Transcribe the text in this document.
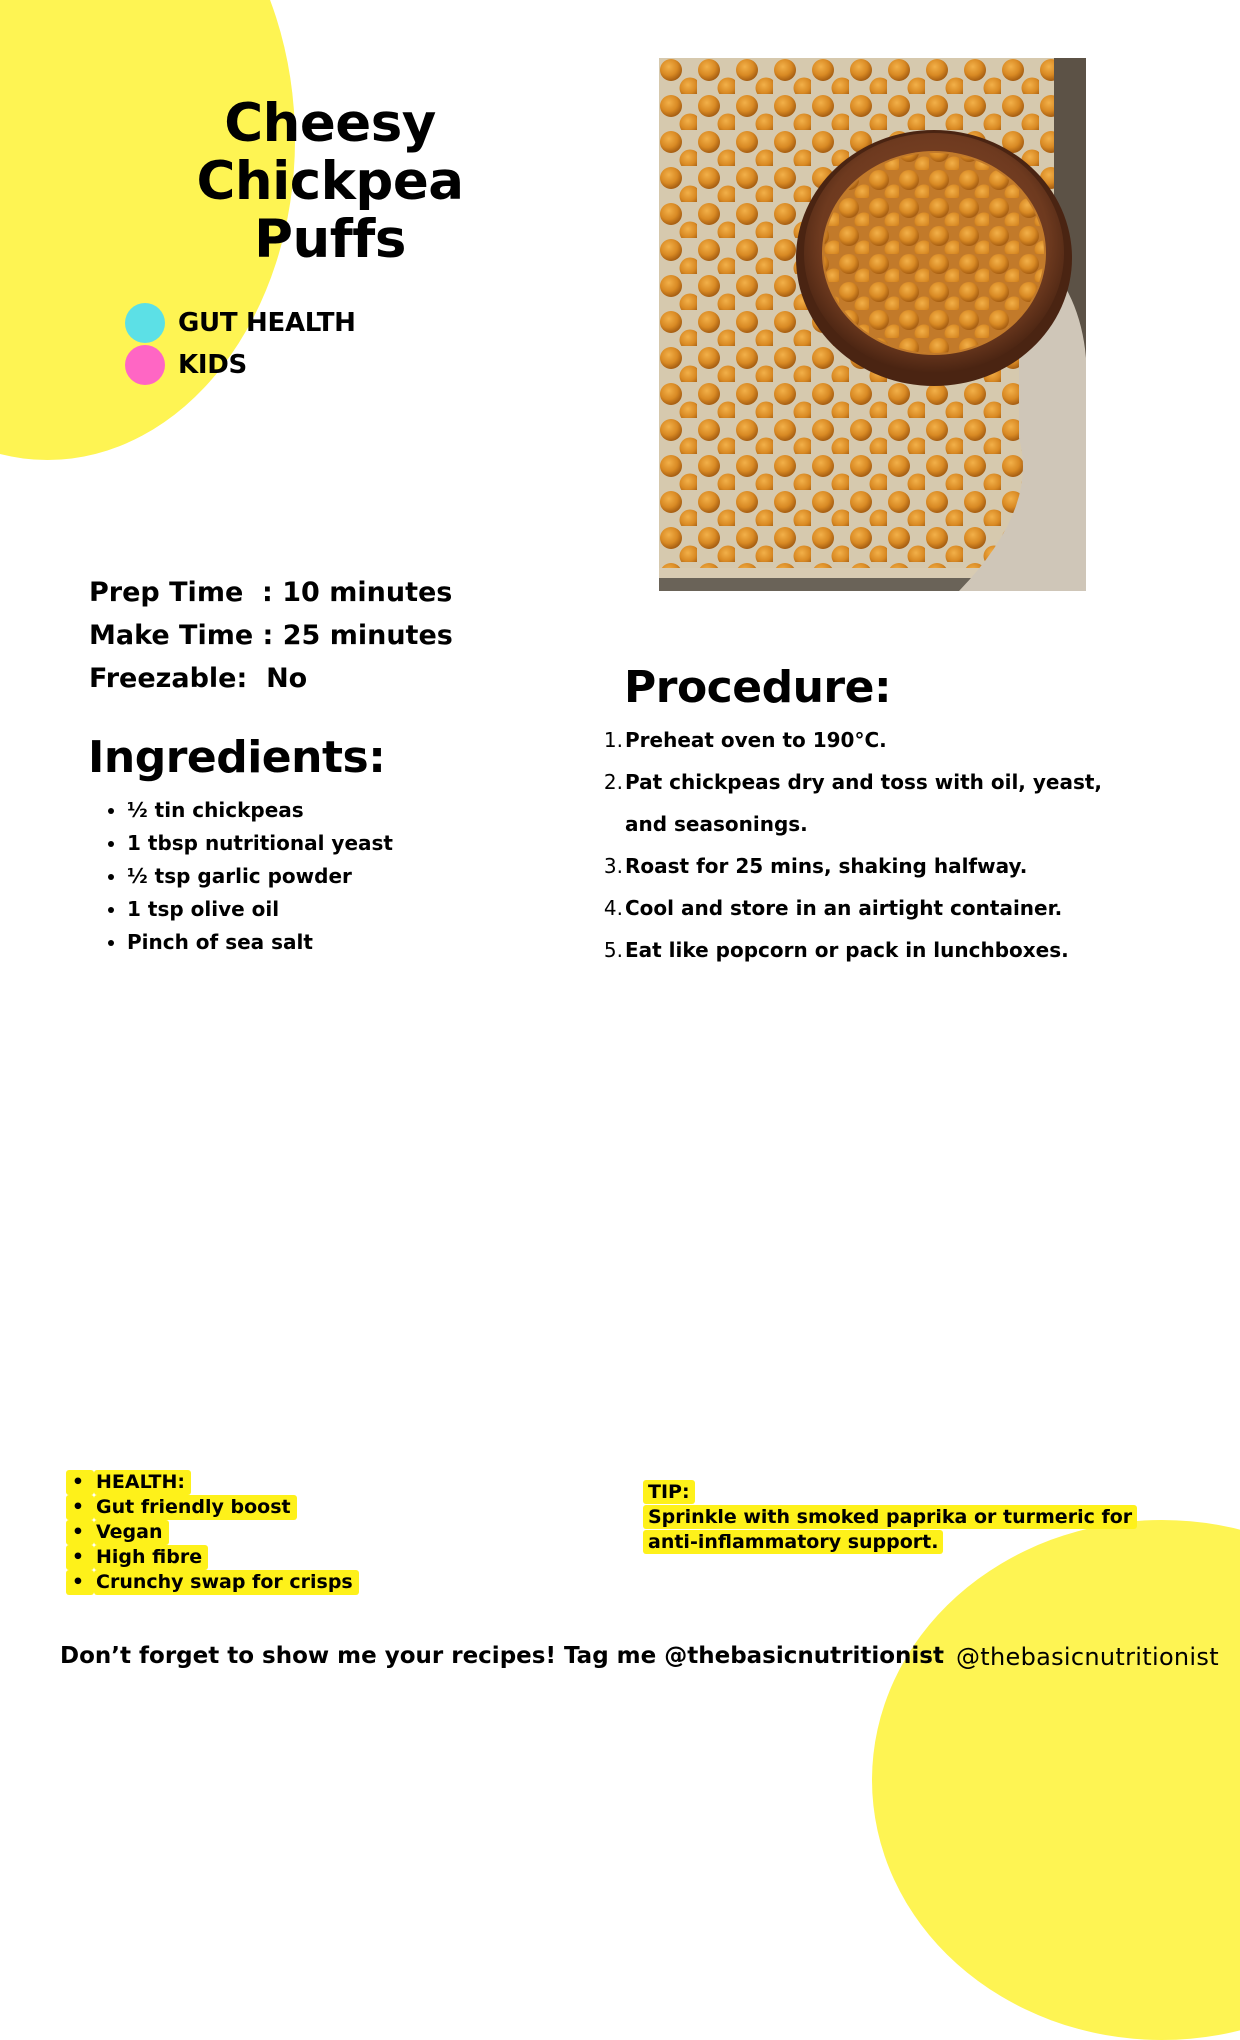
Cheesy Chickpea
Puffs
GUT HEALTH
KIDS
Prep Time  : 10 minutes
Make Time : 25 minutes
Freezable:  No
Ingredients:
• ½ tin chickpeas
• 1 tbsp nutritional yeast
• ½ tsp garlic powder
• 1 tsp olive oil
• Pinch of sea salt
Procedure:
1. Preheat oven to 190°C.
2. Pat chickpeas dry and toss with oil, yeast, and seasonings.
3. Roast for 25 mins, shaking halfway.
4. Cool and store in an airtight container.
5. Eat like popcorn or pack in lunchboxes.
• HEALTH:
• Gut friendly boost
• Vegan
• High fibre
• Crunchy swap for crisps
TIP:
Sprinkle with smoked paprika or turmeric for anti-inflammatory support.
Don’t forget to show me your recipes! Tag me @thebasicnutritionist @thebasicnutritionist
